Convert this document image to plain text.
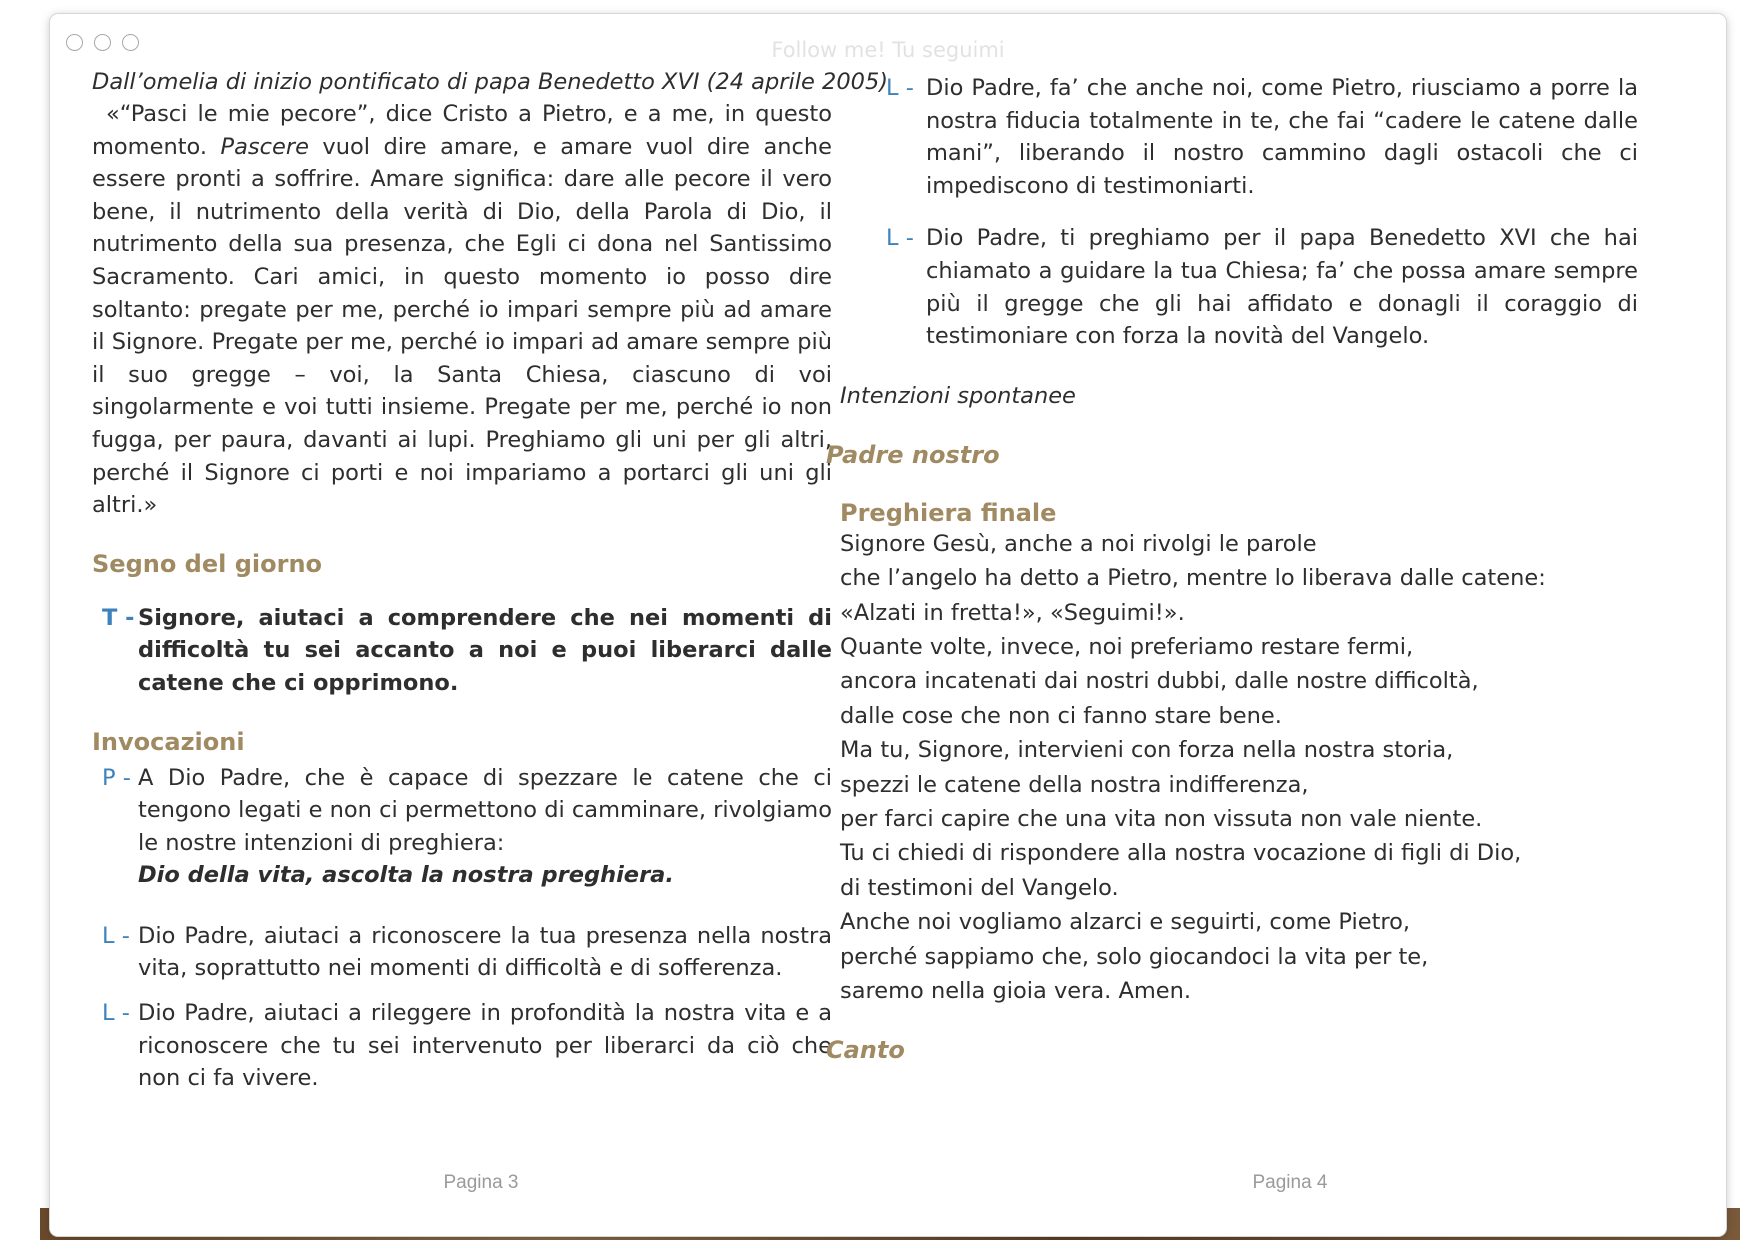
Follow me! Tu seguimi
Dall’omelia di inizio pontificato di papa Benedetto XVI (24 aprile 2005)

«“Pasci le mie pecore”, dice Cristo a Pietro, e a me, in questo momento. Pascere vuol dire amare, e amare vuol dire anche essere pronti a soffrire. Amare significa: dare alle pecore il vero bene, il nutrimento della verità di Dio, della Parola di Dio, il nutrimento della sua presenza, che Egli ci dona nel Santissimo Sacramento. Cari amici, in questo momento io posso dire soltanto: pregate per me, perché io impari sempre più ad amare il Signore. Pregate per me, perché io impari ad amare sempre più il suo gregge – voi, la Santa Chiesa, ciascuno di voi singolarmente e voi tutti insieme. Pregate per me, perché io non fugga, per paura, davanti ai lupi. Preghiamo gli uni per gli altri, perché il Signore ci porti e noi impariamo a portarci gli uni gli altri.»

Segno del giorno
T - Signore, aiutaci a comprendere che nei momenti di difficoltà tu sei accanto a noi e puoi liberarci dalle catene che ci opprimono.
Invocazioni
P - A Dio Padre, che è capace di spezzare le catene che ci tengono legati e non ci permettono di camminare, rivolgiamo le nostre intenzioni di preghiera:
Dio della vita, ascolta la nostra preghiera.
L - Dio Padre, aiutaci a riconoscere la tua presenza nella nostra vita, soprattutto nei momenti di difficoltà e di sofferenza.
L - Dio Padre, aiutaci a rileggere in profondità la nostra vita e a riconoscere che tu sei intervenuto per liberarci da ciò che non ci fa vivere.
L - Dio Padre, fa’ che anche noi, come Pietro, riusciamo a porre la nostra fiducia totalmente in te, che fai “cadere le catene dalle mani”, liberando il nostro cammino dagli ostacoli che ci impediscono di testimoniarti.
L - Dio Padre, ti preghiamo per il papa Benedetto XVI che hai chiamato a guidare la tua Chiesa; fa’ che possa amare sempre più il gregge che gli hai affidato e donagli il coraggio di testimoniare con forza la novità del Vangelo.
Intenzioni spontanee
Padre nostro
Preghiera finale

Signore Gesù, anche a noi rivolgi le parole

che l’angelo ha detto a Pietro, mentre lo liberava dalle catene:

«Alzati in fretta!», «Seguimi!».

Quante volte, invece, noi preferiamo restare fermi,

ancora incatenati dai nostri dubbi, dalle nostre difficoltà,

dalle cose che non ci fanno stare bene.

Ma tu, Signore, intervieni con forza nella nostra storia,

spezzi le catene della nostra indifferenza,

per farci capire che una vita non vissuta non vale niente.

Tu ci chiedi di rispondere alla nostra vocazione di figli di Dio,

di testimoni del Vangelo.

Anche noi vogliamo alzarci e seguirti, come Pietro,

perché sappiamo che, solo giocandoci la vita per te,

saremo nella gioia vera. Amen.

Canto
Pagina 3	Pagina 4
